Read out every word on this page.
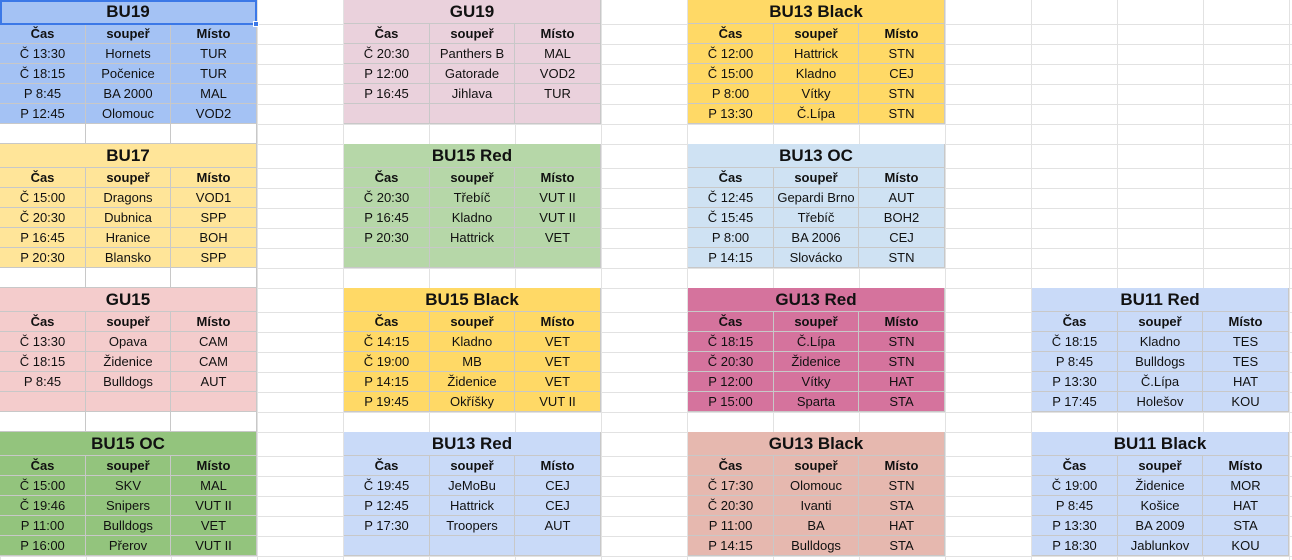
BU19
Čas	soupeř	Místo
Č 13:30	Hornets	TUR
Č 18:15	Počenice	TUR
P 8:45	BA 2000	MAL
P 12:45	Olomouc	VOD2
GU19
Čas	soupeř	Místo
Č 20:30	Panthers B	MAL
P 12:00	Gatorade	VOD2
P 16:45	Jihlava	TUR
BU13 Black
Čas	soupeř	Místo
Č 12:00	Hattrick	STN
Č 15:00	Kladno	CEJ
P 8:00	Vítky	STN
P 13:30	Č.Lípa	STN
BU17
Čas	soupeř	Místo
Č 15:00	Dragons	VOD1
Č 20:30	Dubnica	SPP
P 16:45	Hranice	BOH
P 20:30	Blansko	SPP
BU15 Red
Čas	soupeř	Místo
Č 20:30	Třebíč	VUT II
P 16:45	Kladno	VUT II
P 20:30	Hattrick	VET
BU13 OC
Čas	soupeř	Místo
Č 12:45	Gepardi Brno	AUT
Č 15:45	Třebíč	BOH2
P 8:00	BA 2006	CEJ
P 14:15	Slovácko	STN
GU15
Čas	soupeř	Místo
Č 13:30	Opava	CAM
Č 18:15	Židenice	CAM
P 8:45	Bulldogs	AUT
BU15 Black
Čas	soupeř	Místo
Č 14:15	Kladno	VET
Č 19:00	MB	VET
P 14:15	Židenice	VET
P 19:45	Okříšky	VUT II
GU13 Red
Čas	soupeř	Místo
Č 18:15	Č.Lípa	STN
Č 20:30	Židenice	STN
P 12:00	Vítky	HAT
P 15:00	Sparta	STA
BU11 Red
Čas	soupeř	Místo
Č 18:15	Kladno	TES
P 8:45	Bulldogs	TES
P 13:30	Č.Lípa	HAT
P 17:45	Holešov	KOU
BU15 OC
Čas	soupeř	Místo
Č 15:00	SKV	MAL
Č 19:46	Snipers	VUT II
P 11:00	Bulldogs	VET
P 16:00	Přerov	VUT II
BU13 Red
Čas	soupeř	Místo
Č 19:45	JeMoBu	CEJ
P 12:45	Hattrick	CEJ
P 17:30	Troopers	AUT
GU13 Black
Čas	soupeř	Místo
Č 17:30	Olomouc	STN
Č 20:30	Ivanti	STA
P 11:00	BA	HAT
P 14:15	Bulldogs	STA
BU11 Black
Čas	soupeř	Místo
Č 19:00	Židenice	MOR
P 8:45	Košice	HAT
P 13:30	BA 2009	STA
P 18:30	Jablunkov	KOU
